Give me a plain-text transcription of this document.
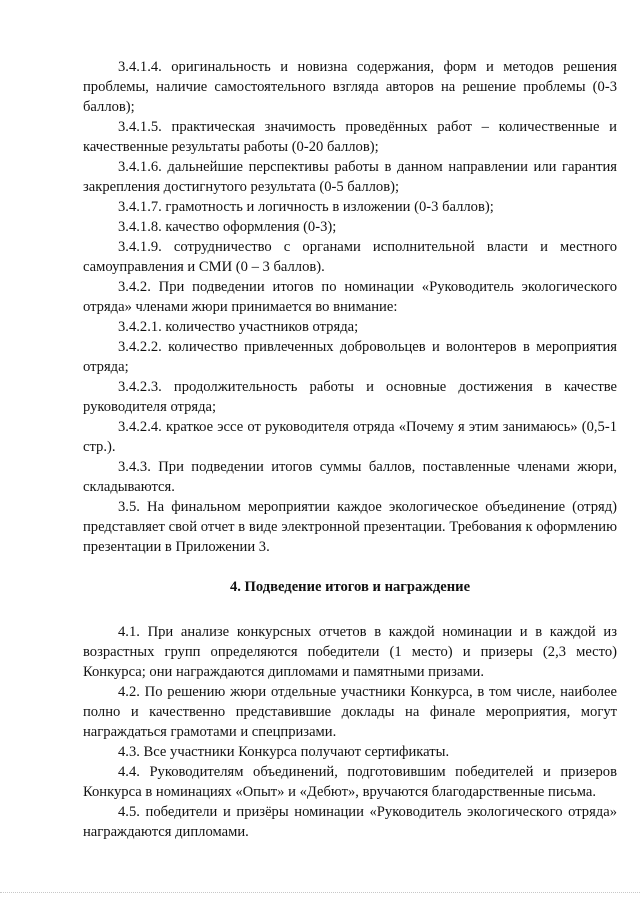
3.4.1.4. оригинальность и новизна содержания, форм и методов решения проблемы, наличие самостоятельного взгляда авторов на решение проблемы (0-3 баллов);

3.4.1.5. практическая значимость проведённых работ – количественные и качественные результаты работы (0-20 баллов);

3.4.1.6. дальнейшие перспективы работы в данном направлении или гарантия закрепления достигнутого результата (0-5 баллов);

3.4.1.7. грамотность и логичность в изложении (0-3 баллов);

3.4.1.8. качество оформления (0-3);

3.4.1.9. сотрудничество с органами исполнительной власти и местного самоуправления и СМИ (0 – 3 баллов).

3.4.2. При подведении итогов по номинации «Руководитель экологического отряда» членами жюри принимается во внимание:

3.4.2.1. количество участников отряда;

3.4.2.2. количество привлеченных добровольцев и волонтеров в мероприятия отряда;

3.4.2.3. продолжительность работы и основные достижения в качестве руководителя отряда;

3.4.2.4. краткое эссе от руководителя отряда «Почему я этим занимаюсь» (0,5-1 стр.).

3.4.3. При подведении итогов суммы баллов, поставленные членами жюри, складываются.

3.5. На финальном мероприятии каждое экологическое объединение (отряд) представляет свой отчет в виде электронной презентации. Требования к оформлению презентации в Приложении 3.

4. Подведение итогов и награждение

4.1. При анализе конкурсных отчетов в каждой номинации и в каждой из возрастных групп определяются победители (1 место) и призеры (2,3 место) Конкурса; они награждаются дипломами и памятными призами.

4.2. По решению жюри отдельные участники Конкурса, в том числе, наиболее полно и качественно представившие доклады на финале мероприятия, могут награждаться грамотами и спецпризами.

4.3. Все участники Конкурса получают сертификаты.

4.4. Руководителям объединений, подготовившим победителей и призеров Конкурса в номинациях «Опыт» и «Дебют», вручаются благодарственные письма.

4.5. победители и призёры номинации «Руководитель экологического отряда» награждаются дипломами.
